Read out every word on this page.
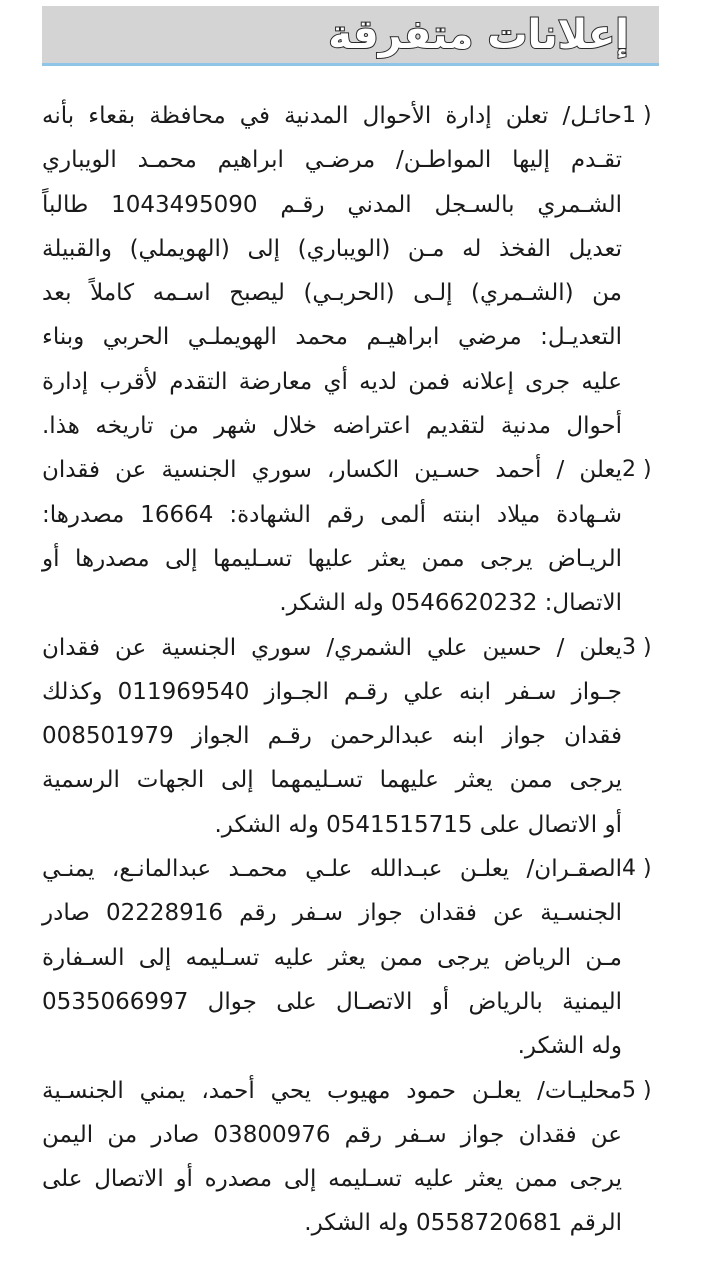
إعلانات متفرقة
1 )
حائـل/ تعلن إدارة الأحوال المدنية في محافظة بقعاء بأنه
تقـدم إليها المواطـن/ مرضـي ابراهيم محمـد الويباري
الشـمري بالسـجل المدني رقـم 1043495090 طالباً
تعديل الفخذ له مـن (الويباري) إلى (الهويملي) والقبيلة
من (الشـمري) إلـى (الحربـي) ليصبح اسـمه كاملاً بعد
التعديـل: مرضي ابراهيـم محمد الهويملـي الحربي وبناء
عليه جرى إعلانه فمن لديه أي معارضة التقدم لأقرب إدارة
أحوال مدنية لتقديم اعتراضه خلال شهر من تاريخه هذا.
2 )
يعلن / أحمد حسـين الكسار، سوري الجنسية عن فقدان
شـهادة ميلاد ابنته ألمى رقم الشهادة: 16664 مصدرها:
الريـاض يرجى ممن يعثر عليها تسـليمها إلى مصدرها أو
الاتصال: 0546620232 وله الشكر.
3 )
يعلن / حسين علي الشمري/ سوري الجنسية عن فقدان
جـواز سـفر ابنه علي رقـم الجـواز 011969540 وكذلك
فقدان جواز ابنه عبدالرحمن رقـم الجواز 008501979
يرجى ممن يعثر عليهما تسـليمهما إلى الجهات الرسمية
أو الاتصال على 0541515715 وله الشكر.
4 )
الصقـران/ يعلـن عبـدالله علـي محمـد عبدالمانـع، يمنـي
الجنسـية عن فقدان جواز سـفر رقم 02228916 صادر
مـن الرياض يرجى ممن يعثر عليه تسـليمه إلى السـفارة
اليمنية بالرياض أو الاتصـال على جوال 0535066997
وله الشكر.
5 )
محليـات/ يعلـن حمود مهيوب يحي أحمد، يمني الجنسـية
عن فقدان جواز سـفر رقم 03800976 صادر من اليمن
يرجى ممن يعثر عليه تسـليمه إلى مصدره أو الاتصال على
الرقم 0558720681 وله الشكر.
